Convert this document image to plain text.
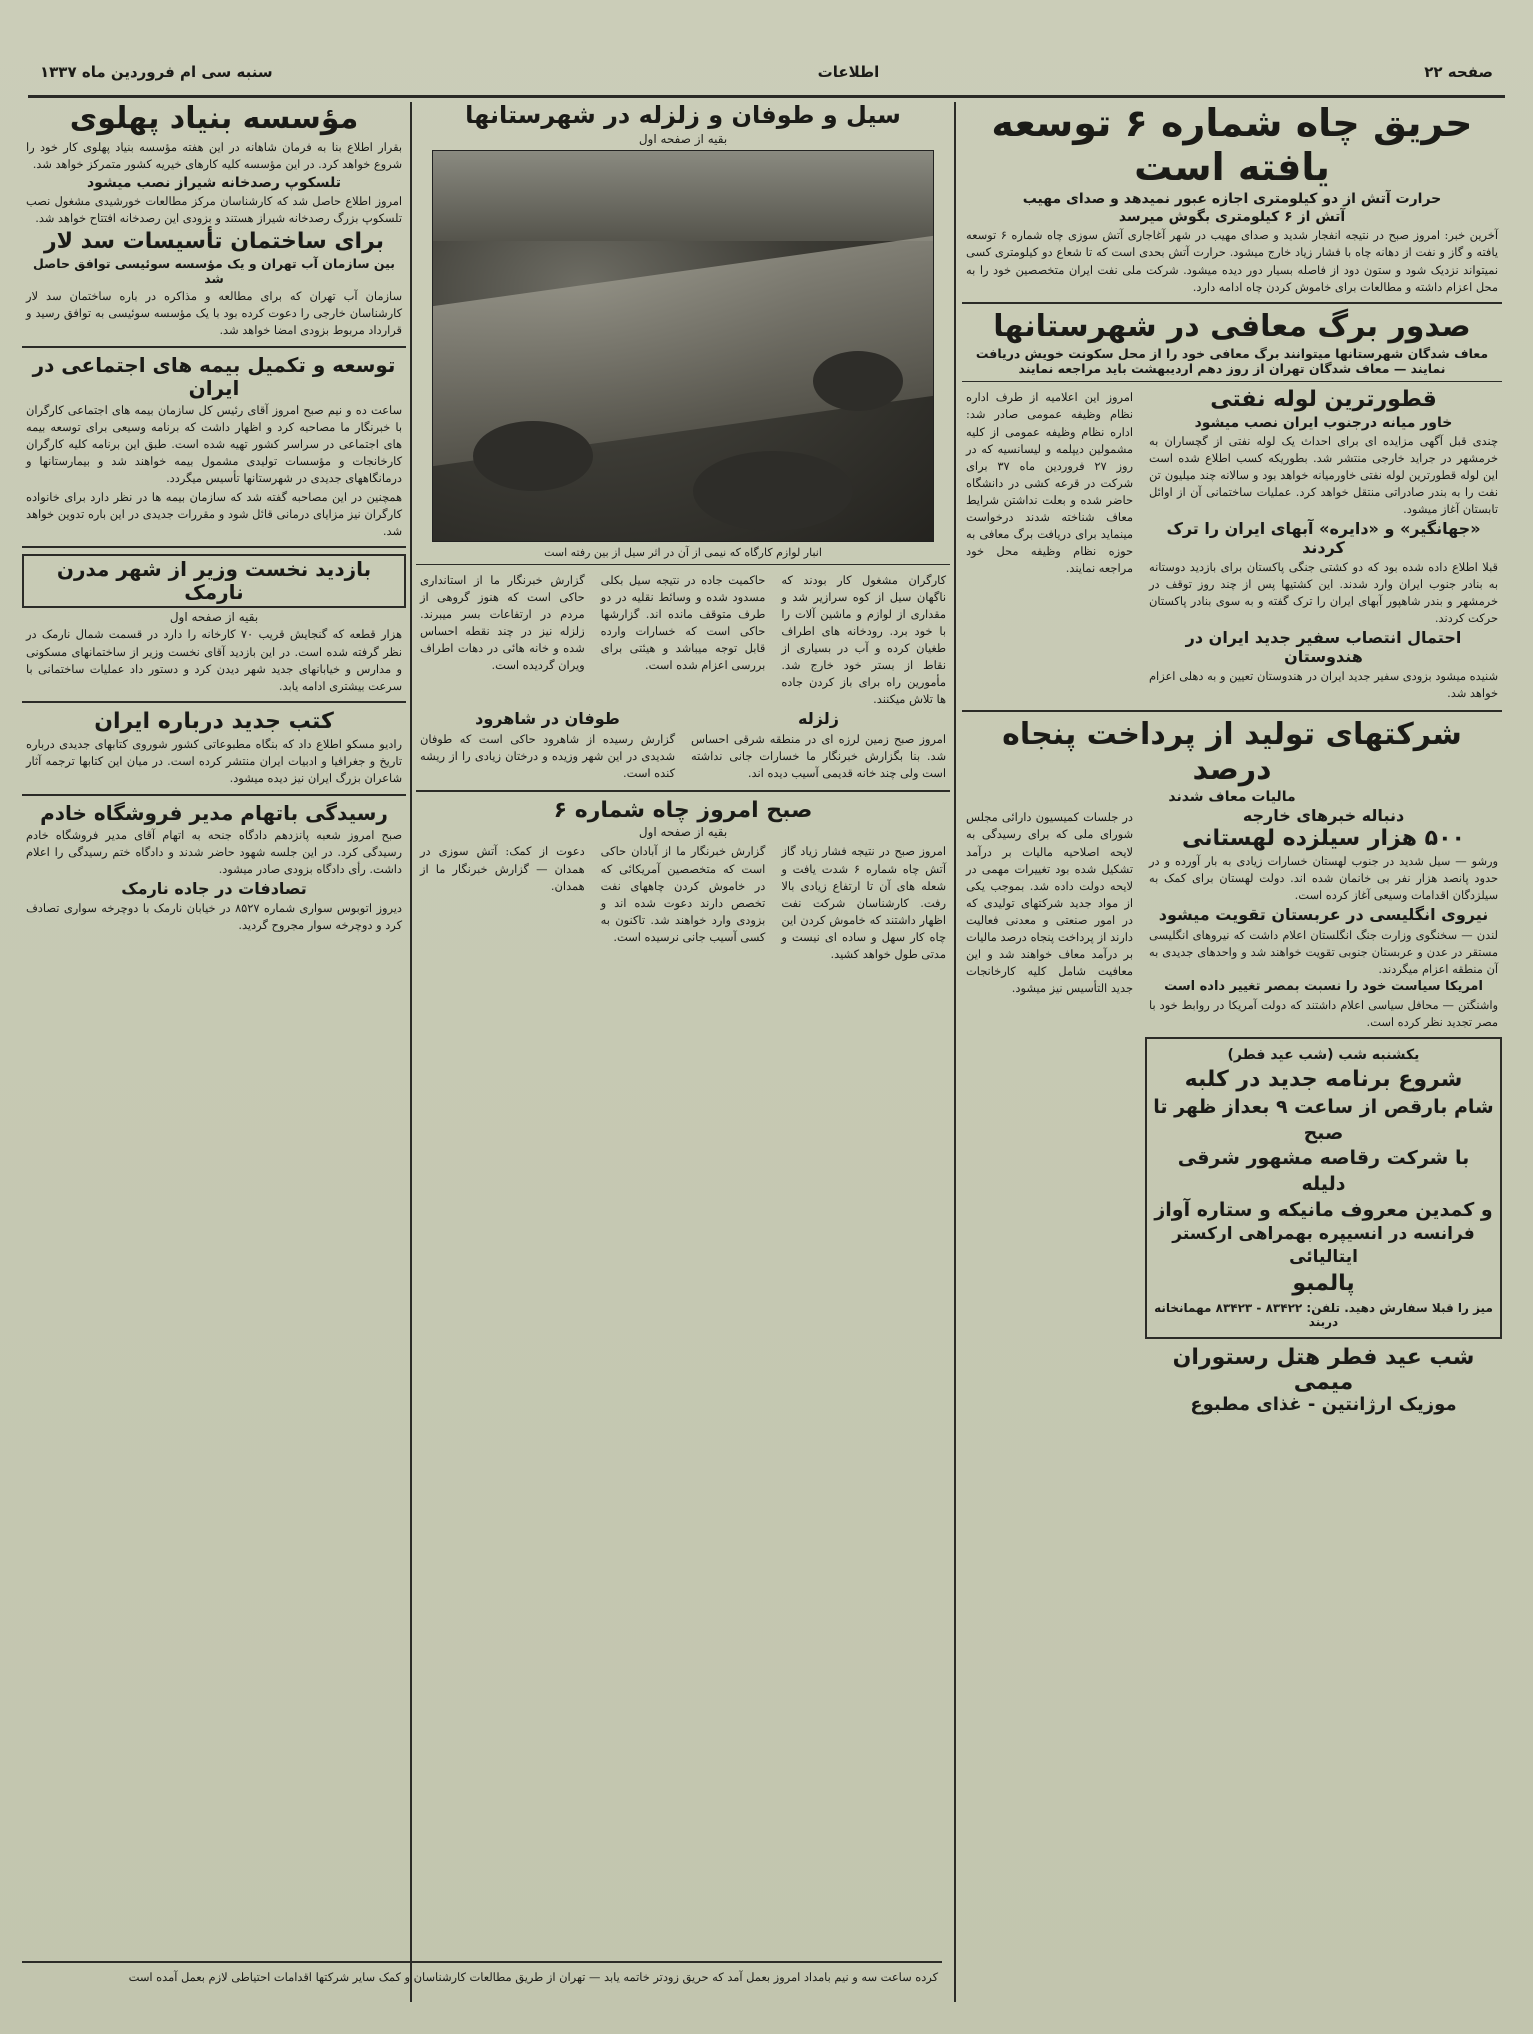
صفحه ۲۲
اطلاعات
سنبه سی ام فروردین ماه ۱۳۳۷
حریق چاه شماره ۶ توسعه یافته است
حرارت آتش از دو کیلومتری اجازه عبور نمیدهد و صدای مهیب
آتش از ۶ کیلومتری بگوش میرسد
آخرین خبر: امروز صبح در نتیجه انفجار شدید و صدای مهیب در شهر آغاجاری آتش سوزی چاه شماره ۶ توسعه یافته و گاز و نفت از دهانه چاه با فشار زیاد خارج میشود. حرارت آتش بحدی است که تا شعاع دو کیلومتری کسی نمیتواند نزدیک شود و ستون دود از فاصله بسیار دور دیده میشود. شرکت ملی نفت ایران متخصصین خود را به محل اعزام داشته و مطالعات برای خاموش کردن چاه ادامه دارد.
صدور برگ معافی در شهرستانها
معاف شدگان شهرستانها میتوانند برگ معافی خود را از محل سکونت خویش دریافت نمایند — معاف شدگان تهران از روز دهم اردیبهشت باید مراجعه نمایند
قطورترین لوله نفتی
خاور میانه درجنوب ایران نصب میشود
چندی قبل آگهی مزایده ای برای احداث یک لوله نفتی از گچساران به خرمشهر در جراید خارجی منتشر شد. بطوریکه کسب اطلاع شده است این لوله قطورترین لوله نفتی خاورمیانه خواهد بود و سالانه چند میلیون تن نفت را به بندر صادراتی منتقل خواهد کرد. عملیات ساختمانی آن از اوائل تابستان آغاز میشود.
«جهانگیر» و «دایره» آبهای ایران را ترک کردند
قبلا اطلاع داده شده بود که دو کشتی جنگی پاکستان برای بازدید دوستانه به بنادر جنوب ایران وارد شدند. این کشتیها پس از چند روز توقف در خرمشهر و بندر شاهپور آبهای ایران را ترک گفته و به سوی بنادر پاکستان حرکت کردند.
احتمال انتصاب سفیر جدید ایران در هندوستان
شنیده میشود بزودی سفیر جدید ایران در هندوستان تعیین و به دهلی اعزام خواهد شد.
امروز این اعلامیه از طرف اداره نظام وظیفه عمومی صادر شد: اداره نظام وظیفه عمومی از کلیه مشمولین دیپلمه و لیسانسیه که در روز ۲۷ فروردین ماه ۳۷ برای شرکت در قرعه کشی در دانشگاه حاضر شده و بعلت نداشتن شرایط معاف شناخته شدند درخواست مینماید برای دریافت برگ معافی به حوزه نظام وظیفه محل خود مراجعه نمایند.
شرکتهای تولید از پرداخت پنجاه درصد
مالیات معاف شدند
دنباله خبرهای خارجه
۵۰۰ هزار سیلزده لهستانی
ورشو — سیل شدید در جنوب لهستان خسارات زیادی به بار آورده و در حدود پانصد هزار نفر بی خانمان شده اند. دولت لهستان برای کمک به سیلزدگان اقدامات وسیعی آغاز کرده است.
نیروی انگلیسی در عربستان تقویت میشود
لندن — سخنگوی وزارت جنگ انگلستان اعلام داشت که نیروهای انگلیسی مستقر در عدن و عربستان جنوبی تقویت خواهند شد و واحدهای جدیدی به آن منطقه اعزام میگردند.
امریکا سیاست خود را نسبت بمصر تغییر داده است
واشنگتن — محافل سیاسی اعلام داشتند که دولت آمریکا در روابط خود با مصر تجدید نظر کرده است.
یکشنبه شب (شب عید فطر)
شروع برنامه جدید در کلبه
شام بارقص از ساعت ۹ بعداز ظهر تا صبح
با شرکت رقاصه مشهور شرقی دلیله
و کمدین معروف مانیکه و ستاره آواز
فرانسه در انسیپره بهمراهی ارکستر ایتالیائی
پالمبو
میز را قبلا سفارش دهید. تلفن: ۸۳۴۲۲ - ۸۳۴۲۳ مهمانخانه دربند
شب عید فطر هتل رستوران میمی
موزیک ارژانتین - غذای مطبوع
در جلسات کمیسیون دارائی مجلس شورای ملی که برای رسیدگی به لایحه اصلاحیه مالیات بر درآمد تشکیل شده بود تغییرات مهمی در لایحه دولت داده شد. بموجب یکی از مواد جدید شرکتهای تولیدی که در امور صنعتی و معدنی فعالیت دارند از پرداخت پنجاه درصد مالیات بر درآمد معاف خواهند شد و این معافیت شامل کلیه کارخانجات جدید التأسیس نیز میشود.
سیل و طوفان و زلزله در شهرستانها
بقیه از صفحه اول
انبار لوازم کارگاه که نیمی از آن در اثر سیل از بین رفته است
کارگران مشغول کار بودند که ناگهان سیل از کوه سرازیر شد و مقداری از لوازم و ماشین آلات را با خود برد. رودخانه های اطراف طغیان کرده و آب در بسیاری از نقاط از بستر خود خارج شد. مأمورین راه برای باز کردن جاده ها تلاش میکنند.
حاکمیت جاده در نتیجه سیل بکلی مسدود شده و وسائط نقلیه در دو طرف متوقف مانده اند. گزارشها حاکی است که خسارات وارده قابل توجه میباشد و هیئتی برای بررسی اعزام شده است.
گزارش خبرنگار ما از استانداری حاکی است که هنوز گروهی از مردم در ارتفاعات بسر میبرند. زلزله نیز در چند نقطه احساس شده و خانه هائی در دهات اطراف ویران گردیده است.
زلزله
امروز صبح زمین لرزه ای در منطقه شرقی احساس شد. بنا بگزارش خبرنگار ما خسارات جانی نداشته است ولی چند خانه قدیمی آسیب دیده اند.
طوفان در شاهرود
گزارش رسیده از شاهرود حاکی است که طوفان شدیدی در این شهر وزیده و درختان زیادی را از ریشه کنده است.
صبح امروز چاه شماره ۶
بقیه از صفحه اول
امروز صبح در نتیجه فشار زیاد گاز آتش چاه شماره ۶ شدت یافت و شعله های آن تا ارتفاع زیادی بالا رفت. کارشناسان شرکت نفت اظهار داشتند که خاموش کردن این چاه کار سهل و ساده ای نیست و مدتی طول خواهد کشید.
گزارش خبرنگار ما از آبادان حاکی است که متخصصین آمریکائی که در خاموش کردن چاههای نفت تخصص دارند دعوت شده اند و بزودی وارد خواهند شد. تاکنون به کسی آسیب جانی نرسیده است.
دعوت از کمک: آتش سوزی در همدان — گزارش خبرنگار ما از همدان.
مؤسسه بنیاد پهلوی
بقرار اطلاع بنا به فرمان شاهانه در این هفته مؤسسه بنیاد پهلوی کار خود را شروع خواهد کرد. در این مؤسسه کلیه کارهای خیریه کشور متمرکز خواهد شد.
تلسکوپ رصدخانه شیراز نصب میشود
امروز اطلاع حاصل شد که کارشناسان مرکز مطالعات خورشیدی مشغول نصب تلسکوپ بزرگ رصدخانه شیراز هستند و بزودی این رصدخانه افتتاح خواهد شد.
برای ساختمان تأسیسات سد لار
بین سازمان آب تهران و یک مؤسسه سوئیسی توافق حاصل شد
سازمان آب تهران که برای مطالعه و مذاکره در باره ساختمان سد لار کارشناسان خارجی را دعوت کرده بود با یک مؤسسه سوئیسی به توافق رسید و قرارداد مربوط بزودی امضا خواهد شد.
توسعه و تکمیل بیمه های اجتماعی در ایران
ساعت ده و نیم صبح امروز آقای رئیس کل سازمان بیمه های اجتماعی کارگران با خبرنگار ما مصاحبه کرد و اظهار داشت که برنامه وسیعی برای توسعه بیمه های اجتماعی در سراسر کشور تهیه شده است. طبق این برنامه کلیه کارگران کارخانجات و مؤسسات تولیدی مشمول بیمه خواهند شد و بیمارستانها و درمانگاههای جدیدی در شهرستانها تأسیس میگردد.
همچنین در این مصاحبه گفته شد که سازمان بیمه ها در نظر دارد برای خانواده کارگران نیز مزایای درمانی قائل شود و مقررات جدیدی در این باره تدوین خواهد شد.
بازدید نخست وزیر از شهر مدرن نارمک
بقیه از صفحه اول
هزار قطعه که گنجایش قریب ۷۰ کارخانه را دارد در قسمت شمال نارمک در نظر گرفته شده است. در این بازدید آقای نخست وزیر از ساختمانهای مسکونی و مدارس و خیابانهای جدید شهر دیدن کرد و دستور داد عملیات ساختمانی با سرعت بیشتری ادامه یابد.
کتب جدید درباره ایران
رادیو مسکو اطلاع داد که بنگاه مطبوعاتی کشور شوروی کتابهای جدیدی درباره تاریخ و جغرافیا و ادبیات ایران منتشر کرده است. در میان این کتابها ترجمه آثار شاعران بزرگ ایران نیز دیده میشود.
رسیدگی باتهام مدیر فروشگاه خادم
صبح امروز شعبه پانزدهم دادگاه جنحه به اتهام آقای مدیر فروشگاه خادم رسیدگی کرد. در این جلسه شهود حاضر شدند و دادگاه ختم رسیدگی را اعلام داشت. رأی دادگاه بزودی صادر میشود.
تصادفات در جاده نارمک
دیروز اتوبوس سواری شماره ۸۵۲۷ در خیابان نارمک با دوچرخه سواری تصادف کرد و دوچرخه سوار مجروح گردید.
کرده ساعت سه و نیم بامداد امروز بعمل آمد که حریق زودتر خاتمه یابد — تهران از طریق مطالعات کارشناسان و کمک سایر شرکتها اقدامات احتیاطی لازم بعمل آمده است
